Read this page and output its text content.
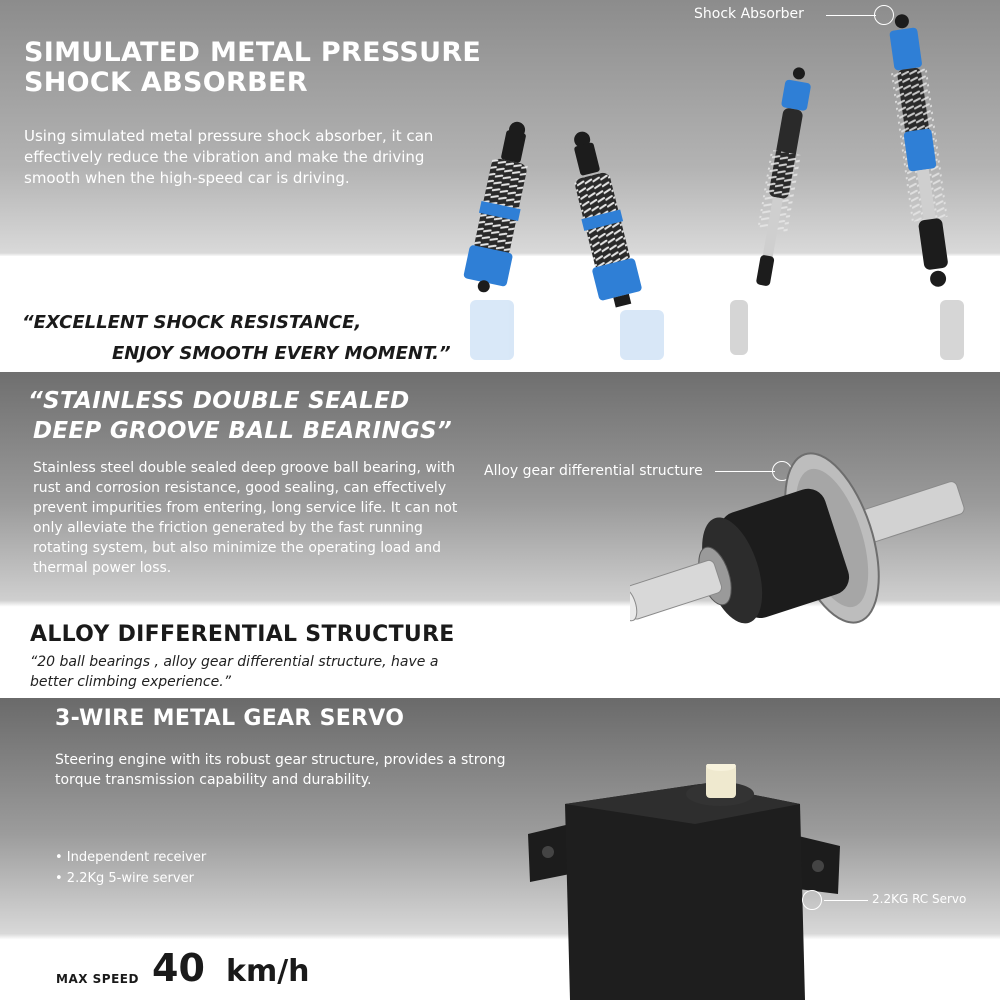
SIMULATED METAL PRESSURE
SHOCK ABSORBER
Using simulated metal pressure shock absorber, it can effectively reduce the vibration and make the driving smooth when the high-speed car is driving.
“EXCELLENT SHOCK RESISTANCE,
ENJOY SMOOTH EVERY MOMENT.”
Shock Absorber
“STAINLESS DOUBLE SEALED
DEEP GROOVE BALL BEARINGS”
Stainless steel double sealed deep groove ball bearing, with rust and corrosion resistance, good sealing, can effectively prevent impurities from entering, long service life. It can not only alleviate the friction generated by the fast running rotating system, but also minimize the operating load and thermal power loss.
Alloy gear differential structure
ALLOY DIFFERENTIAL STRUCTURE
“20 ball bearings , alloy gear differential structure, have a better climbing experience.”
3-WIRE METAL GEAR SERVO
Steering engine with its robust gear structure, provides a strong torque transmission capability and durability.
• Independent receiver
• 2.2Kg 5-wire server
2.2KG RC Servo
MAX SPEED 40 km/h
